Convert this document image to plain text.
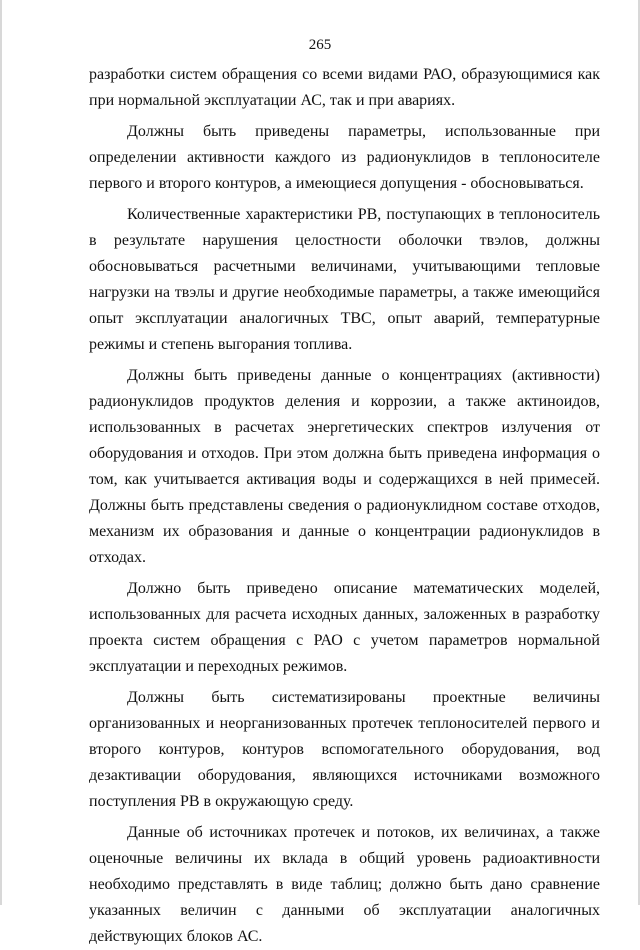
265

разработки систем обращения со всеми видами РАО, образующимися как при нормальной эксплуатации АС, так и при авариях.

Должны быть приведены параметры, использованные при определении активности каждого из радионуклидов в теплоносителе первого и второго контуров, а имеющиеся допущения - обосновываться.

Количественные характеристики РВ, поступающих в теплоноситель в результате нарушения целостности оболочки твэлов, должны обосновываться расчетными величинами, учитывающими тепловые нагрузки на твэлы и другие необходимые параметры, а также имеющийся опыт эксплуатации аналогичных ТВС, опыт аварий, температурные режимы и степень выгорания топлива.

Должны быть приведены данные о концентрациях (активности) радионуклидов продуктов деления и коррозии, а также актиноидов, использованных в расчетах энергетических спектров излучения от оборудования и отходов. При этом должна быть приведена информация о том, как учитывается активация воды и содержащихся в ней примесей. Должны быть представлены сведения о радионуклидном составе отходов, механизм их образования и данные о концентрации радионуклидов в отходах.

Должно быть приведено описание математических моделей, использованных для расчета исходных данных, заложенных в разработку проекта систем обращения с РАО с учетом параметров нормальной эксплуатации и переходных режимов.

Должны быть систематизированы проектные величины организованных и неорганизованных протечек теплоносителей первого и второго контуров, контуров вспомогательного оборудования, вод дезактивации оборудования, являющихся источниками возможного поступления РВ в окружающую среду.

Данные об источниках протечек и потоков, их величинах, а также оценочные величины их вклада в общий уровень радиоактивности необходимо представлять в виде таблиц; должно быть дано сравнение указанных величин с данными об эксплуатации аналогичных действующих блоков АС.
